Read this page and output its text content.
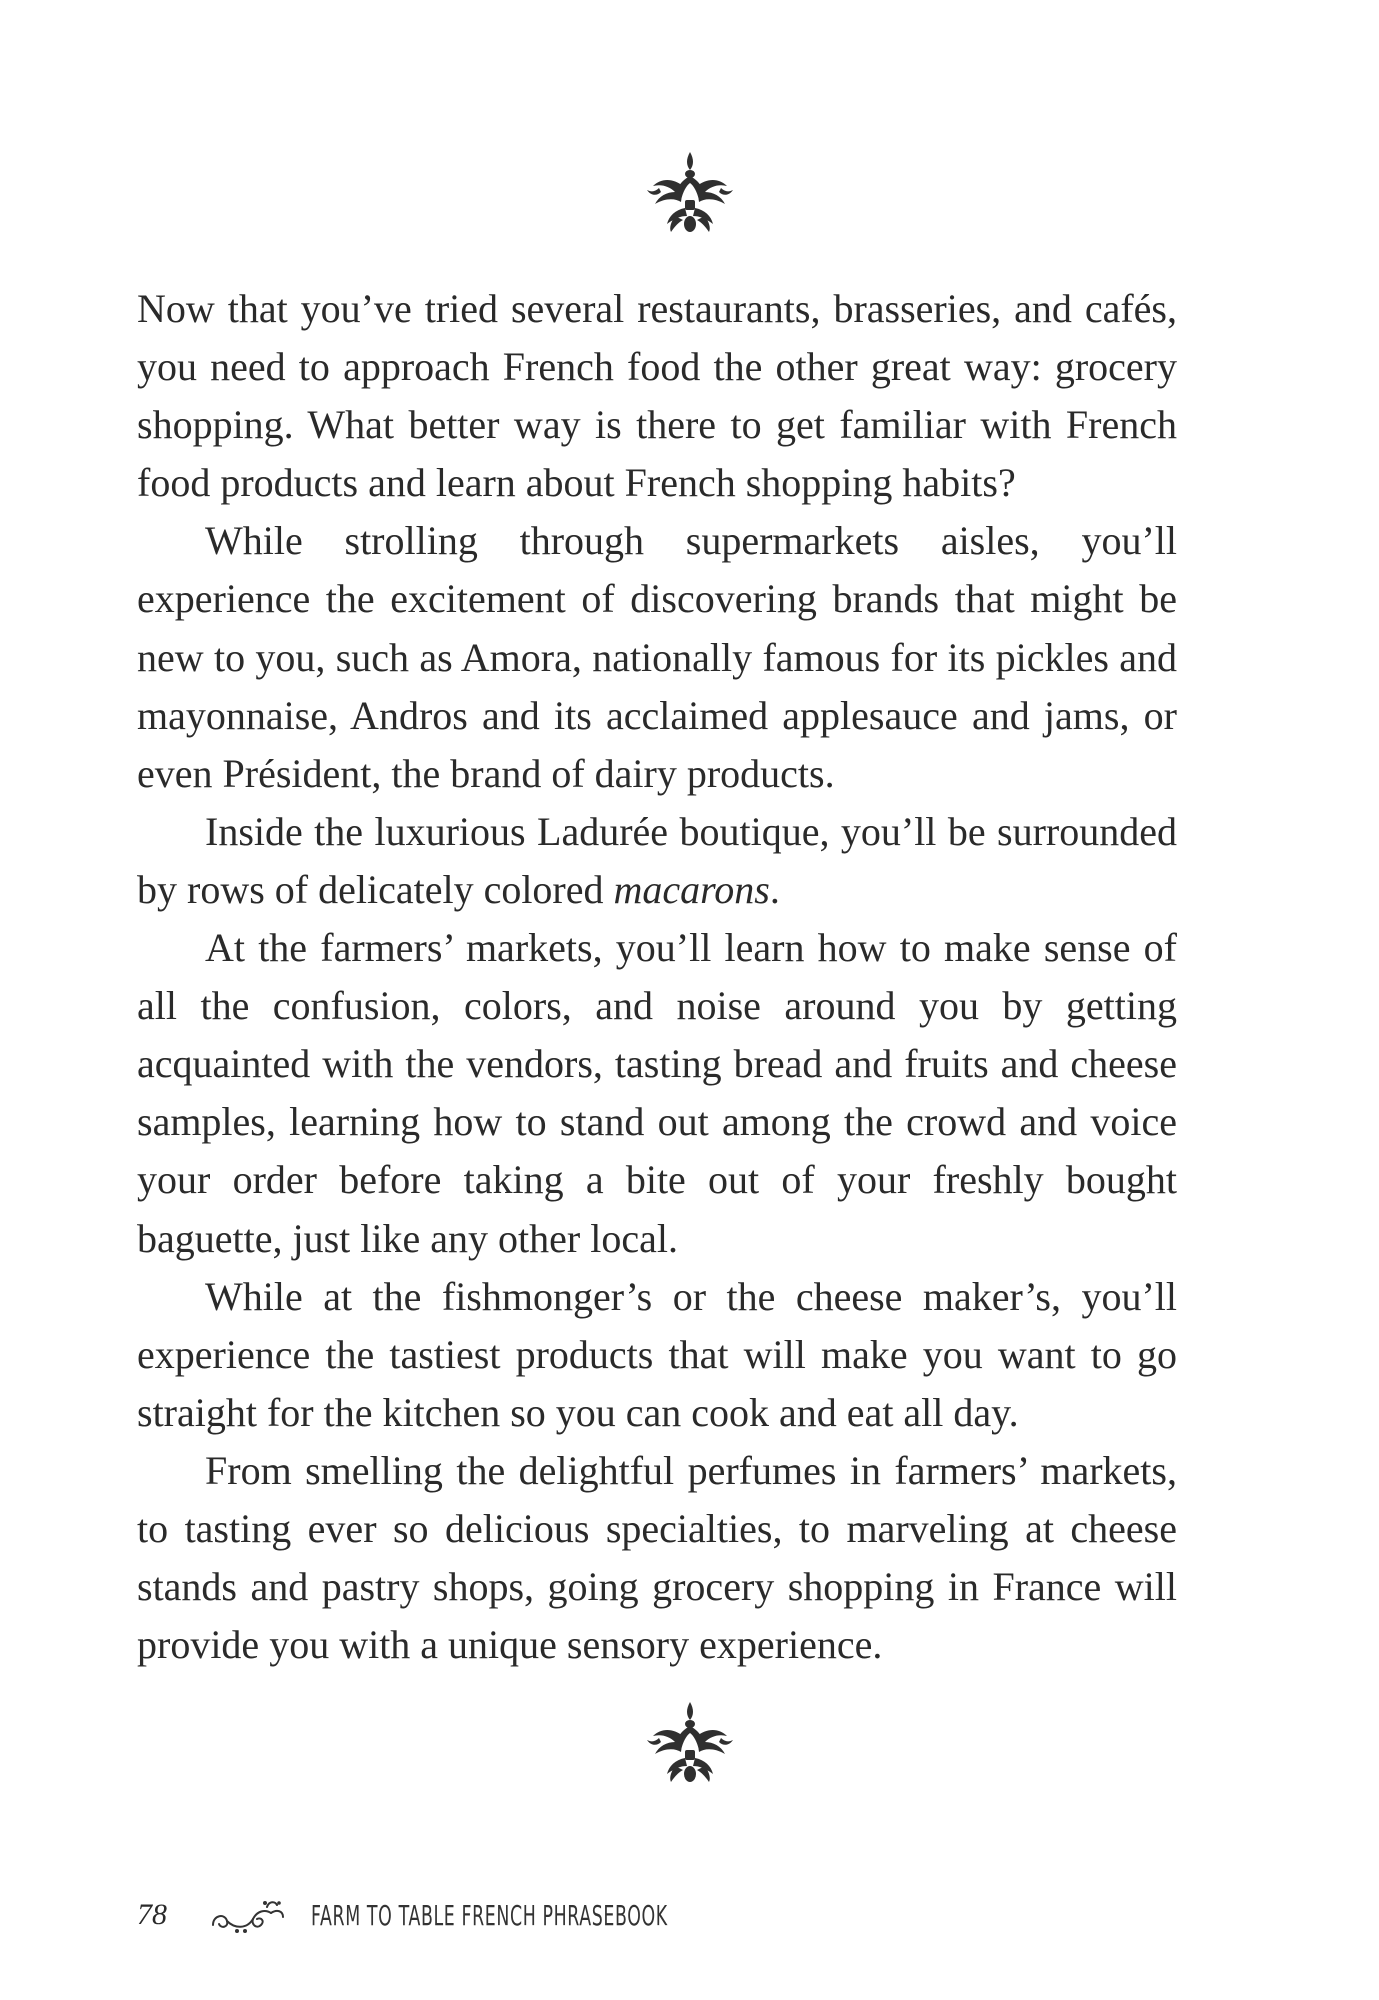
Now that you’ve tried several restaurants, brasseries, and cafés, you need to approach French food the other great way: grocery shopping. What better way is there to get familiar with French food products and learn about French shopping habits?

While strolling through supermarkets aisles, you’ll experience the excitement of discovering brands that might be new to you, such as Amora, nationally famous for its pickles and mayonnaise, Andros and its acclaimed applesauce and jams, or even Président, the brand of dairy products.

Inside the luxurious Ladurée boutique, you’ll be surrounded by rows of delicately colored macarons.

At the farmers’ markets, you’ll learn how to make sense of all the confusion, colors, and noise around you by getting acquainted with the vendors, tasting bread and fruits and cheese samples, learning how to stand out among the crowd and voice your order before taking a bite out of your freshly bought baguette, just like any other local.

While at the fishmonger’s or the cheese maker’s, you’ll experience the tastiest products that will make you want to go straight for the kitchen so you can cook and eat all day.

From smelling the delightful perfumes in farmers’ markets, to tasting ever so delicious specialties, to marveling at cheese stands and pastry shops, going grocery shopping in France will provide you with a unique sensory experience.

78	FARM TO TABLE FRENCH PHRASEBOOK
